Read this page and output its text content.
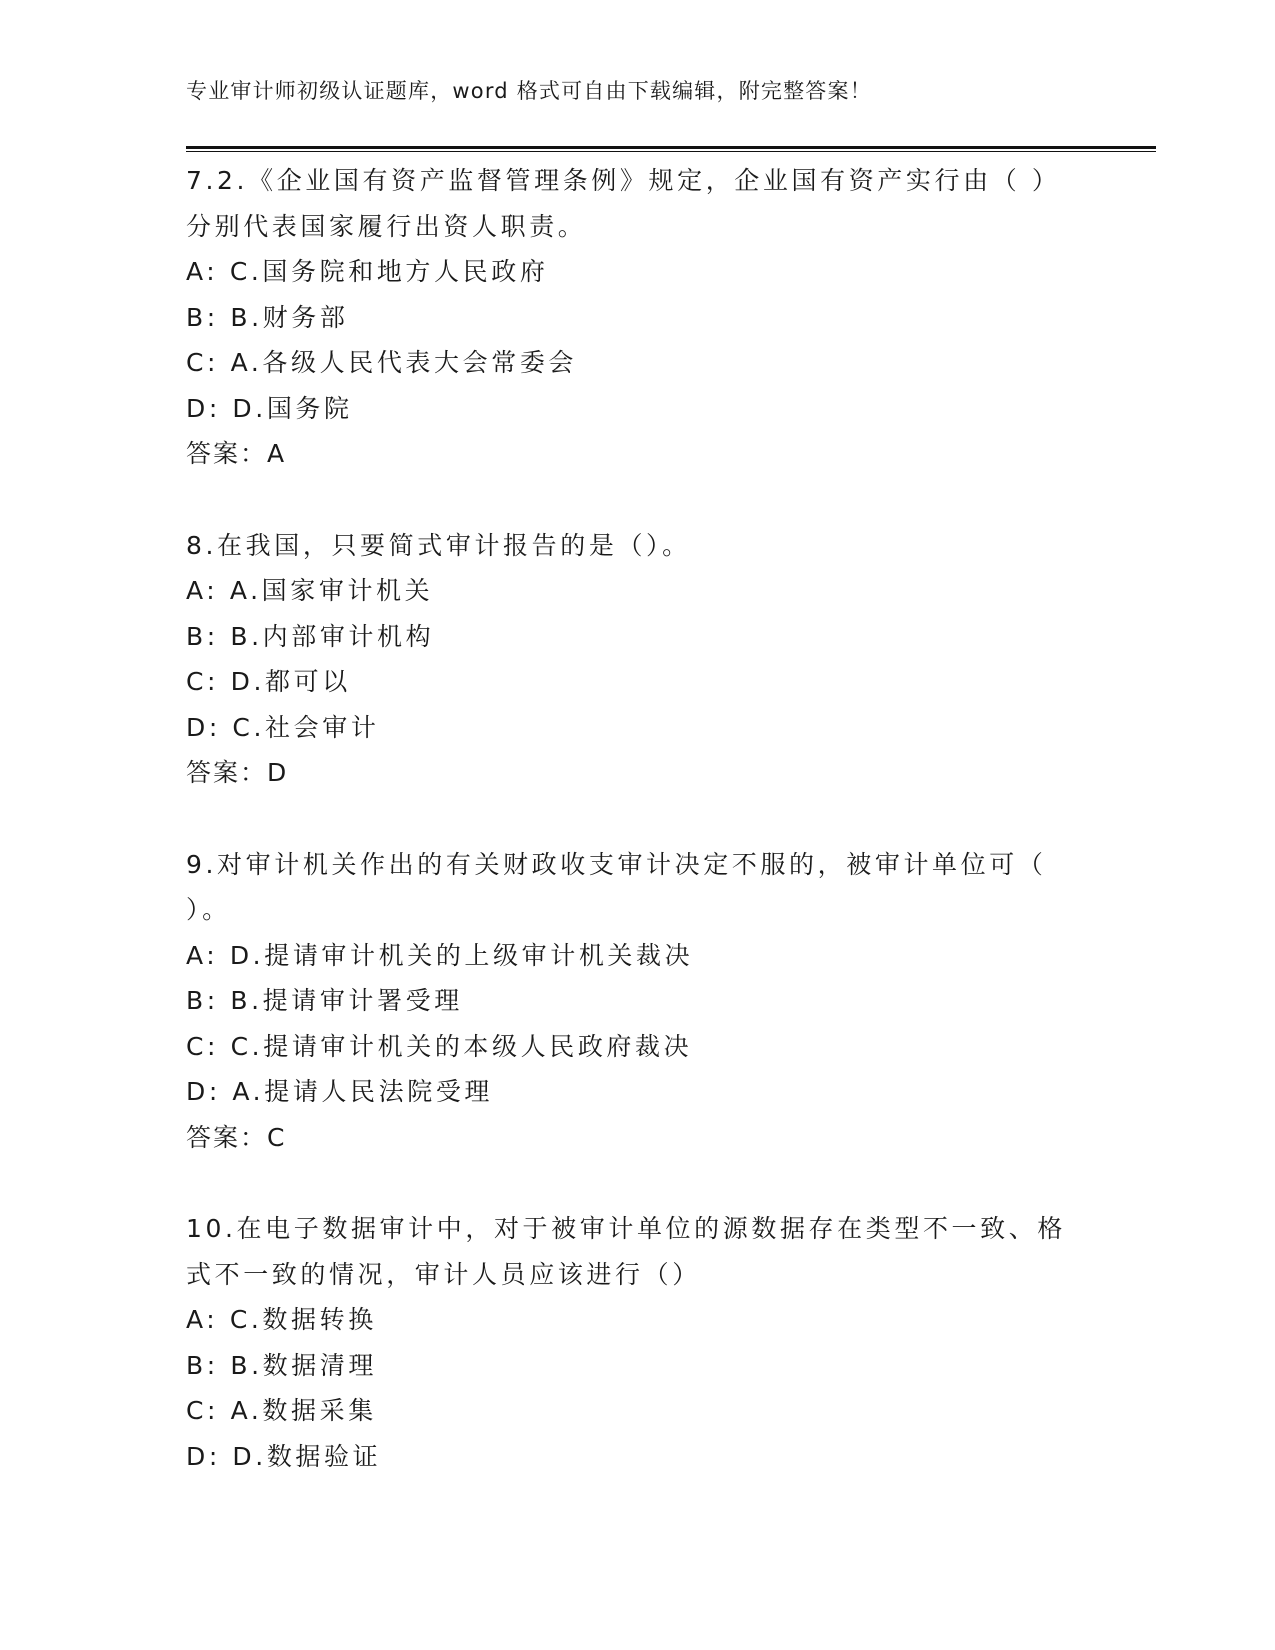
专业审计师初级认证题库，word 格式可自由下载编辑，附完整答案！

7.2.《企业国有资产监督管理条例》规定，企业国有资产实行由（ ）分别代表国家履行出资人职责。

A: C.国务院和地方人民政府
B: B.财务部
C: A.各级人民代表大会常委会
D: D.国务院
答案：A

8.在我国，只要简式审计报告的是（）。

A: A.国家审计机关
B: B.内部审计机构
C: D.都可以
D: C.社会审计
答案：D

9.对审计机关作出的有关财政收支审计决定不服的，被审计单位可（ ）。

A: D.提请审计机关的上级审计机关裁决
B: B.提请审计署受理
C: C.提请审计机关的本级人民政府裁决
D: A.提请人民法院受理
答案：C

10.在电子数据审计中，对于被审计单位的源数据存在类型不一致、格式不一致的情况，审计人员应该进行（）

A: C.数据转换
B: B.数据清理
C: A.数据采集
D: D.数据验证
